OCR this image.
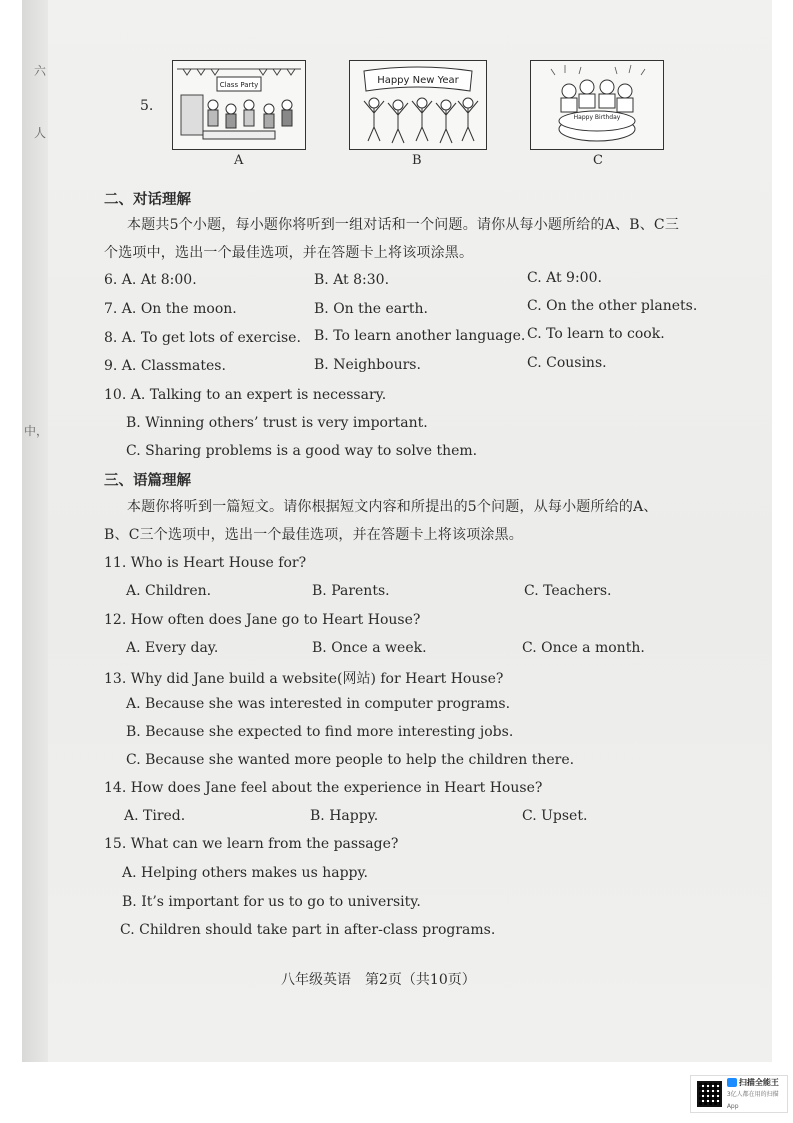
六
人
中，
5.
Class Party
A
Happy New Year
B
Happy Birthday
C
二、对话理解
本题共5个小题，每小题你将听到一组对话和一个问题。请你从每小题所给的A、B、C三
个选项中，选出一个最佳选项，并在答题卡上将该项涂黑。
6. A. At 8:00.	B. At 8:30.	C. At 9:00.
7. A. On the moon.	B. On the earth.	C. On the other planets.
8. A. To get lots of exercise. B. To learn another language. C. To learn to cook.
9. A. Classmates.	B. Neighbours.	C. Cousins.
10. A. Talking to an expert is necessary.
B. Winning others’ trust is very important.
C. Sharing problems is a good way to solve them.
三、语篇理解
本题你将听到一篇短文。请你根据短文内容和所提出的5个问题，从每小题所给的A、
B、C三个选项中，选出一个最佳选项，并在答题卡上将该项涂黑。
11. Who is Heart House for?
A. Children.	B. Parents.	C. Teachers.
12. How often does Jane go to Heart House?
A. Every day.	B. Once a week.	C. Once a month.
13. Why did Jane build a website(网站) for Heart House?
A. Because she was interested in computer programs.
B. Because she expected to find more interesting jobs.
C. Because she wanted more people to help the children there.
14. How does Jane feel about the experience in Heart House?
A. Tired.	B. Happy.	C. Upset.
15. What can we learn from the passage?
A. Helping others makes us happy.
B. It’s important for us to go to university.
C. Children should take part in after-class programs.
八年级英语　第2页（共10页）
扫描全能王
3亿人都在用的扫描App
